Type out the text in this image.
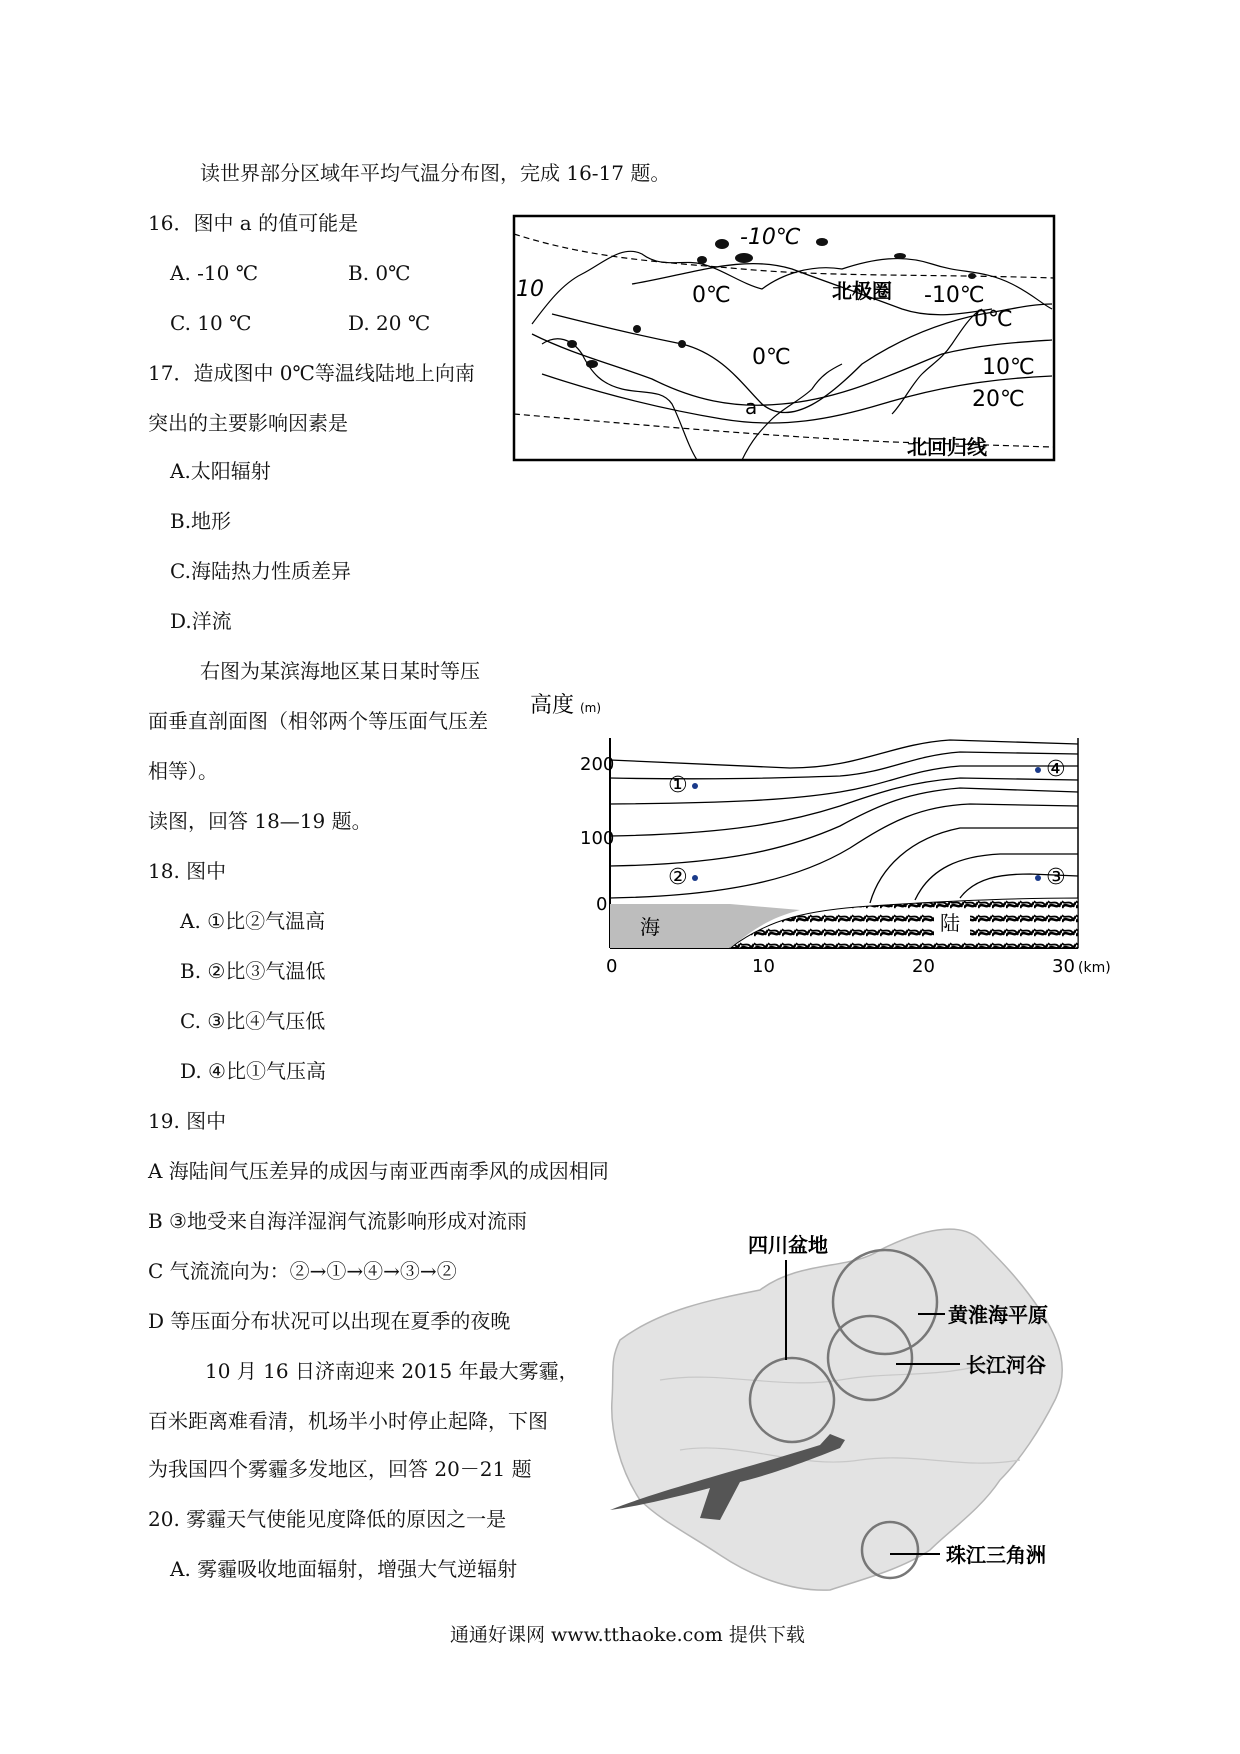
读世界部分区域年平均气温分布图，完成 16-17 题。
16．图中 a 的值可能是
A. -10 ℃	B. 0℃
C. 10 ℃	D. 20 ℃
17．造成图中 0℃等温线陆地上向南
突出的主要影响因素是
A.太阳辐射
B.地形
C.海陆热力性质差异
D.洋流
右图为某滨海地区某日某时等压
面垂直剖面图（相邻两个等压面气压差
相等）。
读图，回答 18—19 题。
18. 图中
A. ①比②气温高
B. ②比③气温低
C. ③比④气压低
D. ④比①气压高
19. 图中
A 海陆间气压差异的成因与南亚西南季风的成因相同
B ③地受来自海洋湿润气流影响形成对流雨
C 气流流向为：②→①→④→③→②
D 等压面分布状况可以出现在夏季的夜晚
10 月 16 日济南迎来 2015 年最大雾霾，
百米距离难看清，机场半小时停止起降，下图
为我国四个雾霾多发地区，回答 20－21 题
20. 雾霾天气使能见度降低的原因之一是
A. 雾霾吸收地面辐射，增强大气逆辐射
通通好课网 www.tthaoke.com 提供下载
-10℃
10	0℃	北极圈 -10℃
0℃
0℃	10℃
20℃
a
北回归线
高度 (m)
200
100
0
0	10	20	30 (km)
海	陆
①
②	③
④
四川盆地
黄淮海平原
长江河谷
珠江三角洲
